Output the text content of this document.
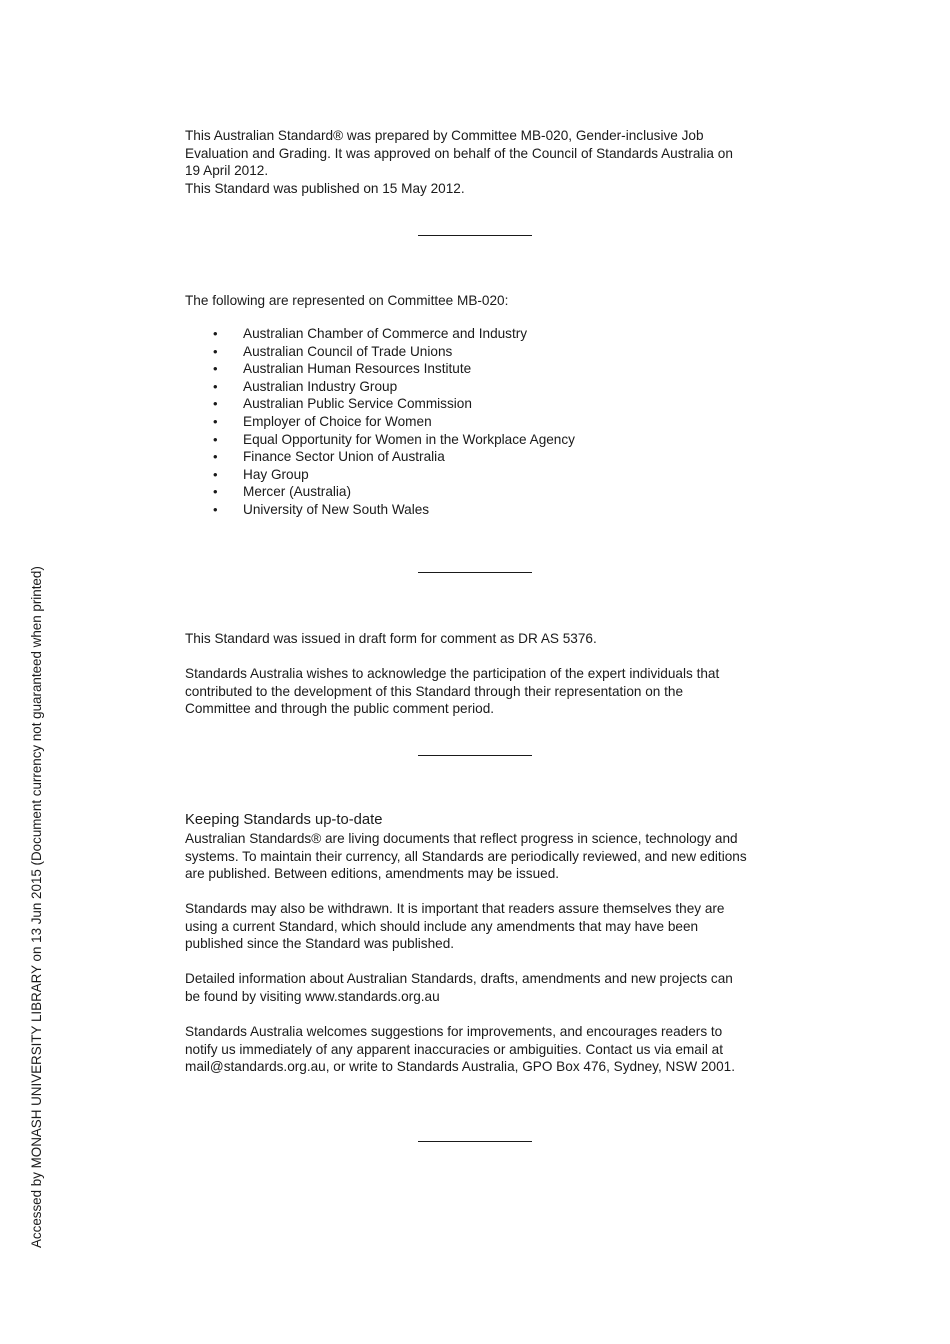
This Australian Standard® was prepared by Committee MB-020, Gender-inclusive Job
Evaluation and Grading. It was approved on behalf of the Council of Standards Australia on
19 April 2012.
This Standard was published on 15 May 2012.
The following are represented on Committee MB-020:
• Australian Chamber of Commerce and Industry
• Australian Council of Trade Unions
• Australian Human Resources Institute
• Australian Industry Group
• Australian Public Service Commission
• Employer of Choice for Women
• Equal Opportunity for Women in the Workplace Agency
• Finance Sector Union of Australia
• Hay Group
• Mercer (Australia)
• University of New South Wales
This Standard was issued in draft form for comment as DR AS 5376.
Standards Australia wishes to acknowledge the participation of the expert individuals that
contributed to the development of this Standard through their representation on the
Committee and through the public comment period.
Keeping Standards up-to-date
Australian Standards® are living documents that reflect progress in science, technology and
systems. To maintain their currency, all Standards are periodically reviewed, and new editions
are published. Between editions, amendments may be issued.
Standards may also be withdrawn. It is important that readers assure themselves they are
using a current Standard, which should include any amendments that may have been
published since the Standard was published.
Detailed information about Australian Standards, drafts, amendments and new projects can
be found by visiting www.standards.org.au
Standards Australia welcomes suggestions for improvements, and encourages readers to
notify us immediately of any apparent inaccuracies or ambiguities. Contact us via email at
mail@standards.org.au, or write to Standards Australia, GPO Box 476, Sydney, NSW 2001.
Accessed by MONASH UNIVERSITY LIBRARY on 13 Jun 2015 (Document currency not guaranteed when printed)
